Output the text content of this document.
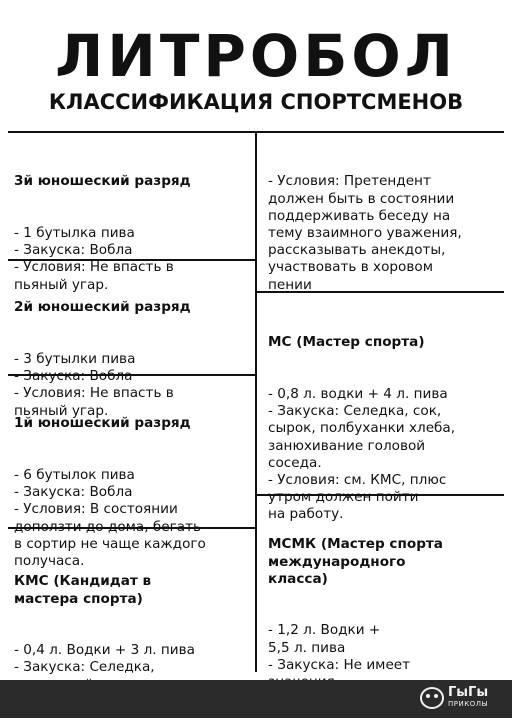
ЛИТРОБОЛ
КЛАССИФИКАЦИЯ СПОРТСМЕНОВ

3й юношеский разряд

- 1 бутылка пива
- Закуска: Вобла
- Условия: Не впасть в
пьяный угар.

2й юношеский разряд

- 3 бутылки пива
- Закуска: Вобла
- Условия: Не впасть в
пьяный угар.

1й юношеский разряд

- 6 бутылок пива
- Закуска: Вобла
- Условия: В состоянии
доползти до дома, бегать
в сортир не чаще каждого
получаса.

КМС (Кандидат в
мастера спорта)

- 0,4 л. Водки + 3 л. пива
- Закуска: Селедка,

- Условия: Претендент
должен быть в состоянии
поддерживать беседу на
тему взаимного уважения,
рассказывать анекдоты,
участвовать в хоровом
пении

МС (Мастер спорта)

- 0,8 л. водки + 4 л. пива
- Закуска: Селедка, сок,
сырок, полбуханки хлеба,
занюхивание головой
соседа.
- Условия: см. КМС, плюс
утром должен пойти
на работу.

МСМК (Мастер спорта
международного
класса)

- 1,2 л. Водки +
5,5 л. пива
- Закуска: Не имеет

ГыГы
ПРИКОЛЫ
